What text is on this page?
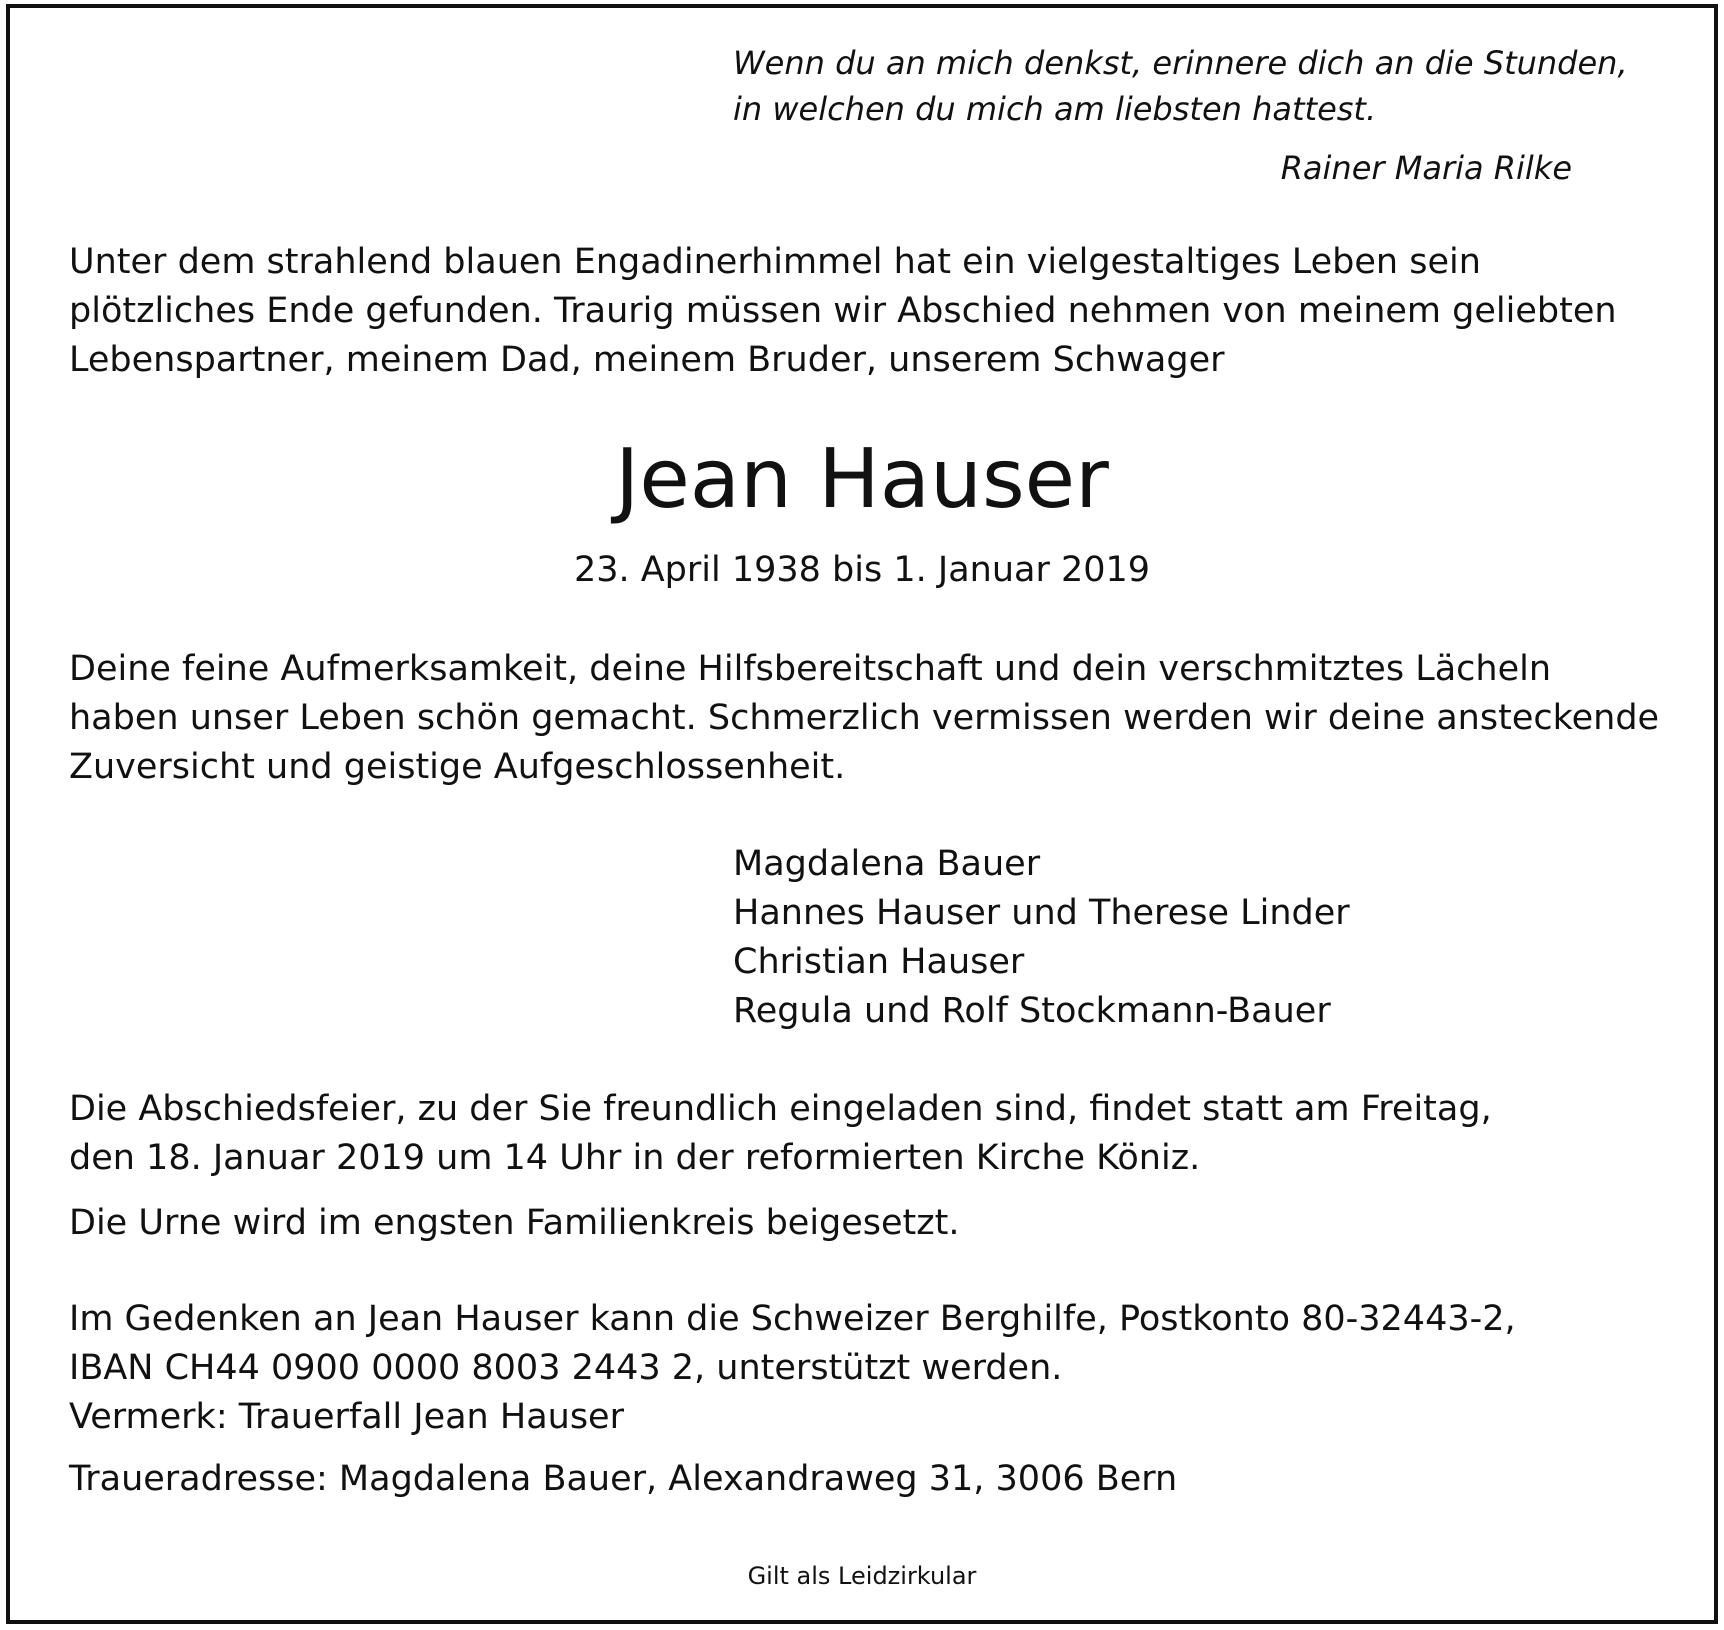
Wenn du an mich denkst, erinnere dich an die Stunden,
in welchen du mich am liebsten hattest.

Rainer Maria Rilke

Unter dem strahlend blauen Engadinerhimmel hat ein vielgestaltiges Leben sein
plötzliches Ende gefunden. Traurig müssen wir Abschied nehmen von meinem geliebten
Lebenspartner, meinem Dad, meinem Bruder, unserem Schwager
Jean Hauser

23. April 1938 bis 1. Januar 2019

Deine feine Aufmerksamkeit, deine Hilfsbereitschaft und dein verschmitztes Lächeln
haben unser Leben schön gemacht. Schmerzlich vermissen werden wir deine ansteckende
Zuversicht und geistige Aufgeschlossenheit.
Magdalena Bauer
Hannes Hauser und Therese Linder
Christian Hauser
Regula und Rolf Stockmann-Bauer
Die Abschiedsfeier, zu der Sie freundlich eingeladen sind, findet statt am Freitag,
den 18. Januar 2019 um 14 Uhr in der reformierten Kirche Köniz.

Die Urne wird im engsten Familienkreis beigesetzt.

Im Gedenken an Jean Hauser kann die Schweizer Berghilfe, Postkonto 80-32443-2,
IBAN CH44 0900 0000 8003 2443 2, unterstützt werden.
Vermerk: Trauerfall Jean Hauser

Traueradresse: Magdalena Bauer, Alexandraweg 31, 3006 Bern

Gilt als Leidzirkular
